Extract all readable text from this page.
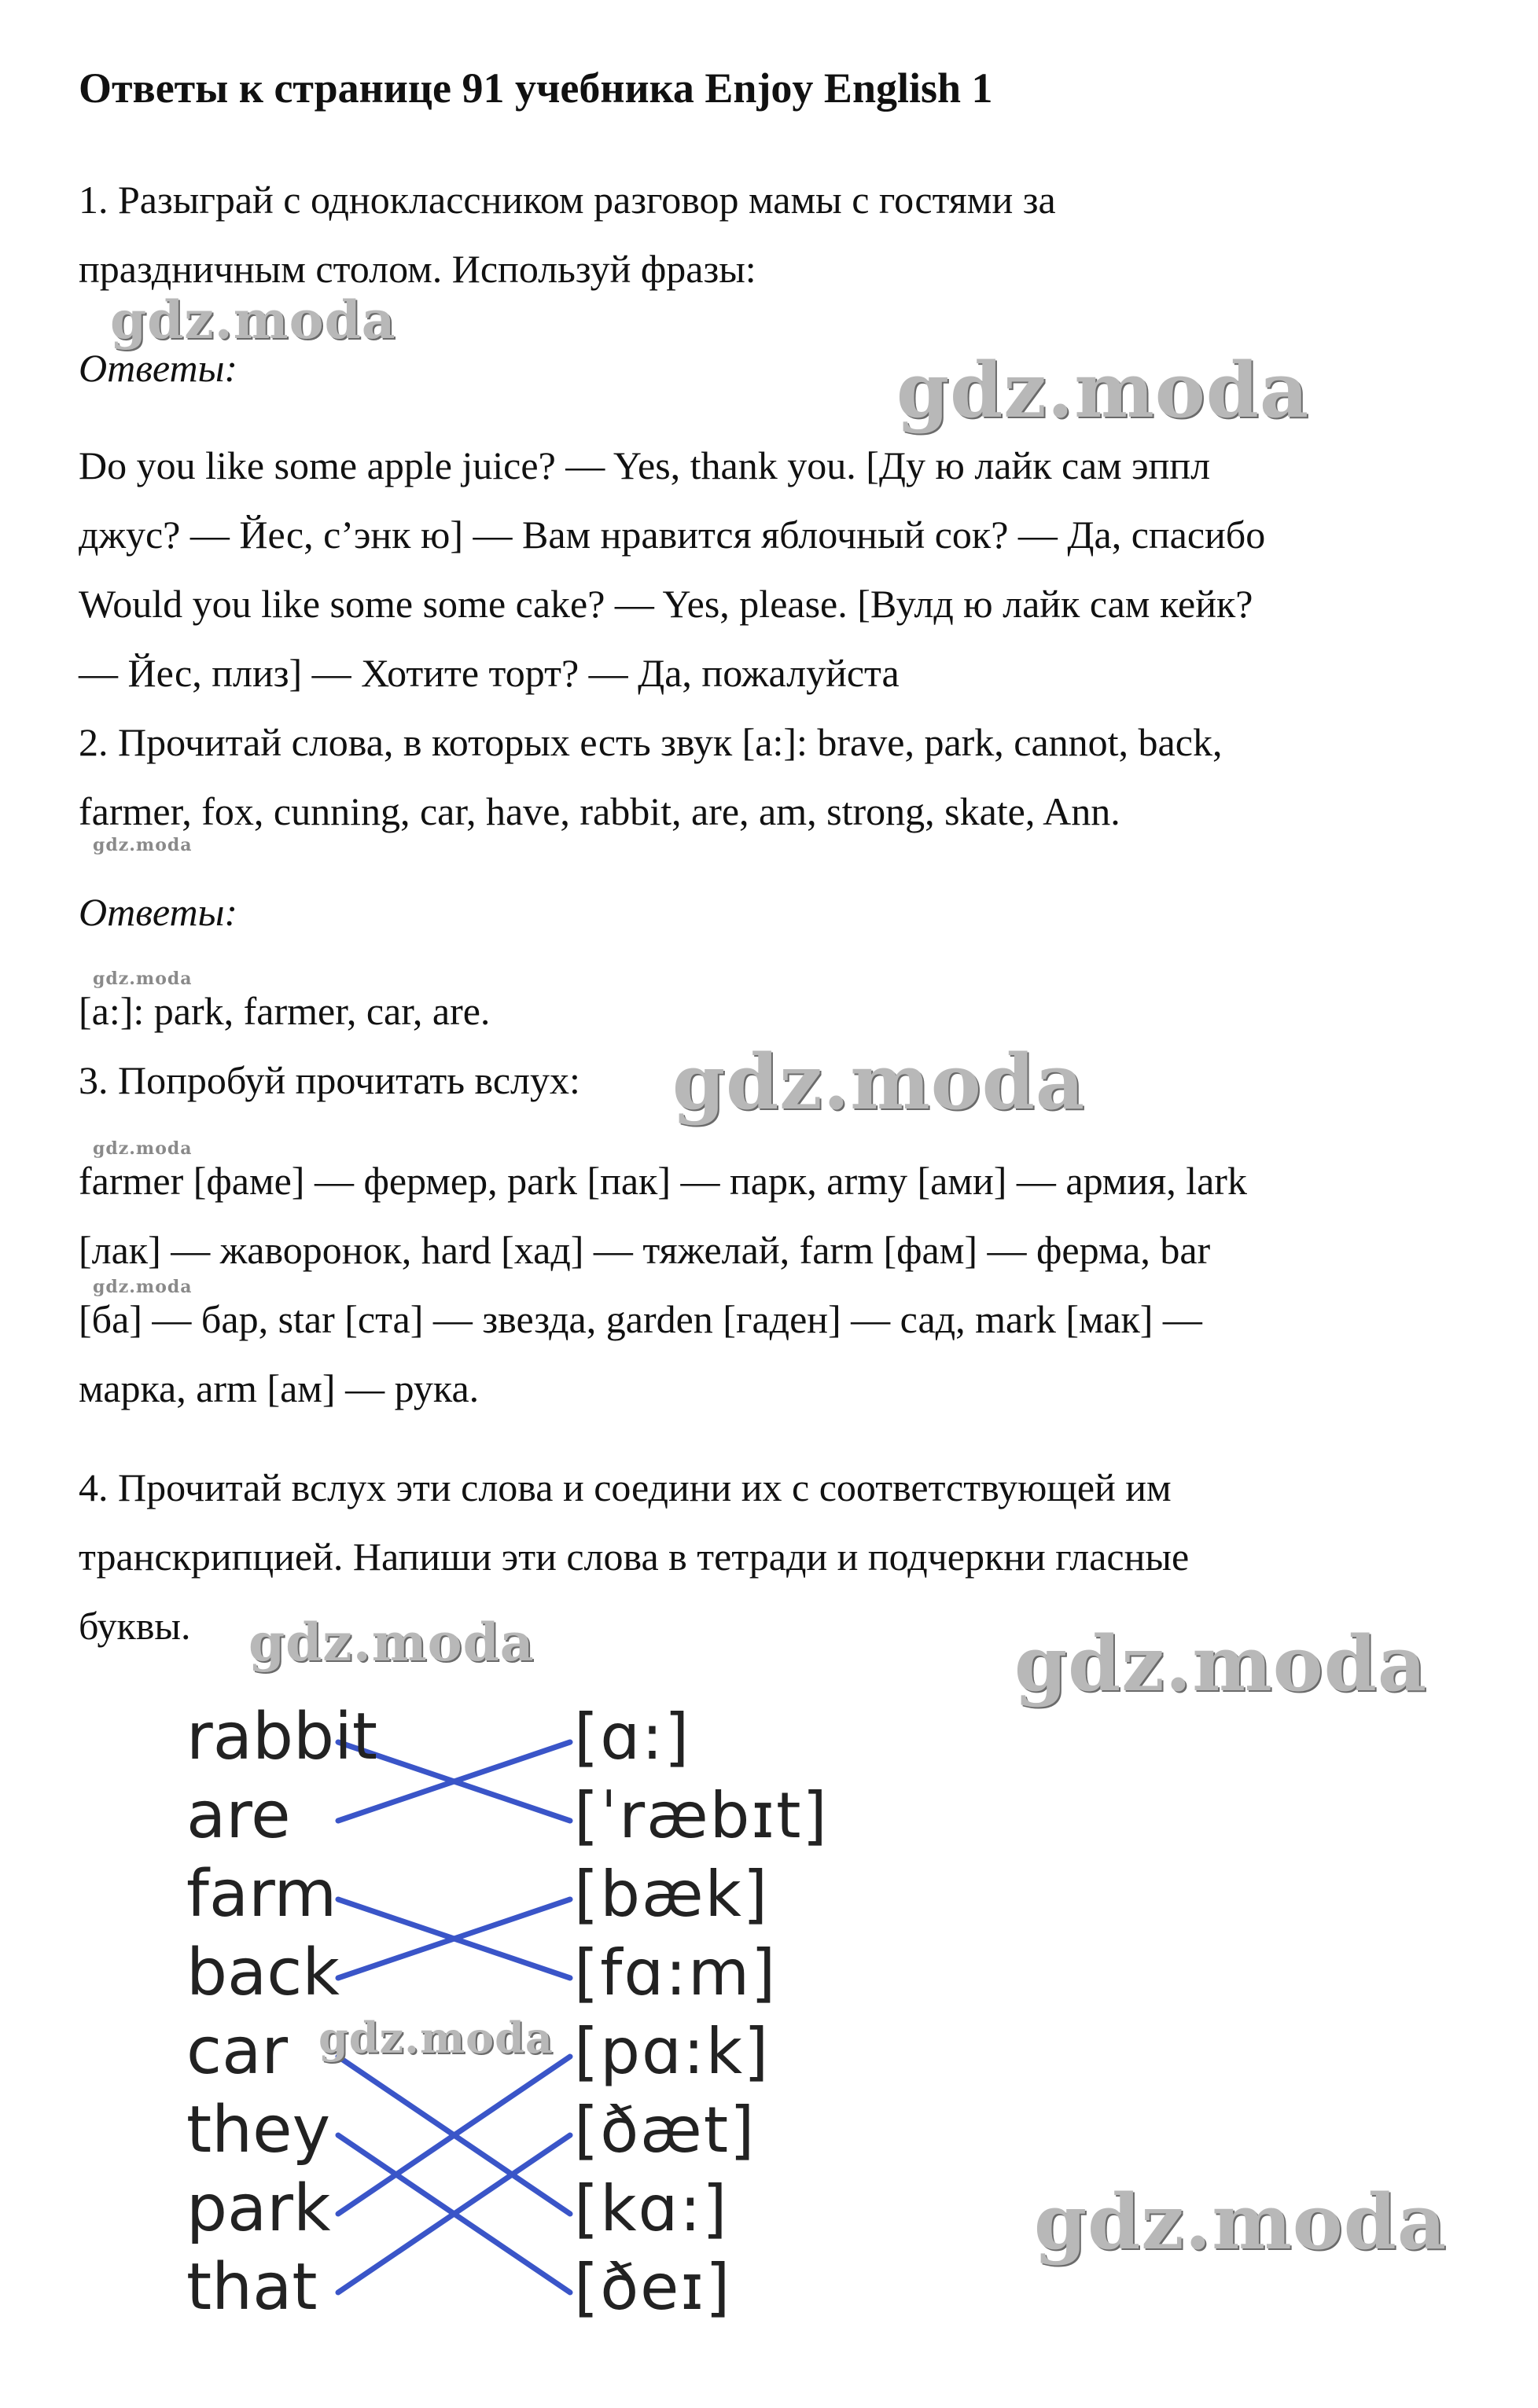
Ответы к странице 91 учебника Enjoy English 1
1. Разыграй с одноклассником разговор мамы с гостями за
праздничным столом. Используй фразы:
Ответы:
Do you like some apple juice? — Yes, thank you. [Ду ю лайк сам эппл
джус? — Йес, с’энк ю] — Вам нравится яблочный сок? — Да, спасибо
Would you like some some cake? — Yes, please. [Вулд ю лайк сам кейк?
— Йес, плиз] — Хотите торт? — Да, пожалуйста
2. Прочитай слова, в которых есть звук [a:]: brave, park, cannot, back,
farmer, fox, cunning, car, have, rabbit, are, am, strong, skate, Ann.
Ответы:
[a:]: park, farmer, car, are.
3. Попробуй прочитать вслух:
farmer [фаме] — фермер, park [пак] — парк, army [ами] — армия, lark
[лак] — жаворонок, hard [хад] — тяжелай, farm [фам] — ферма, bar
[ба] — бар, star [ста] — звезда, garden [гаден] — сад, mark [мак] —
марка, arm [ам] — рука.
4. Прочитай вслух эти слова и соедини их с соответствующей им
транскрипцией. Напиши эти слова в тетради и подчеркни гласные
буквы.
rabbit
are
farm
back
car
they
park
that
[ɑ:]
[ˈræbɪt]
[bæk]
[fɑ:m]
[pɑ:k]
[ðæt]
[kɑ:]
[ðeɪ]
gdz.moda
gdz.moda
gdz.moda
gdz.moda
gdz.moda
gdz.moda
gdz.moda
gdz.moda	gdz.moda
gdz.moda
gdz.moda
